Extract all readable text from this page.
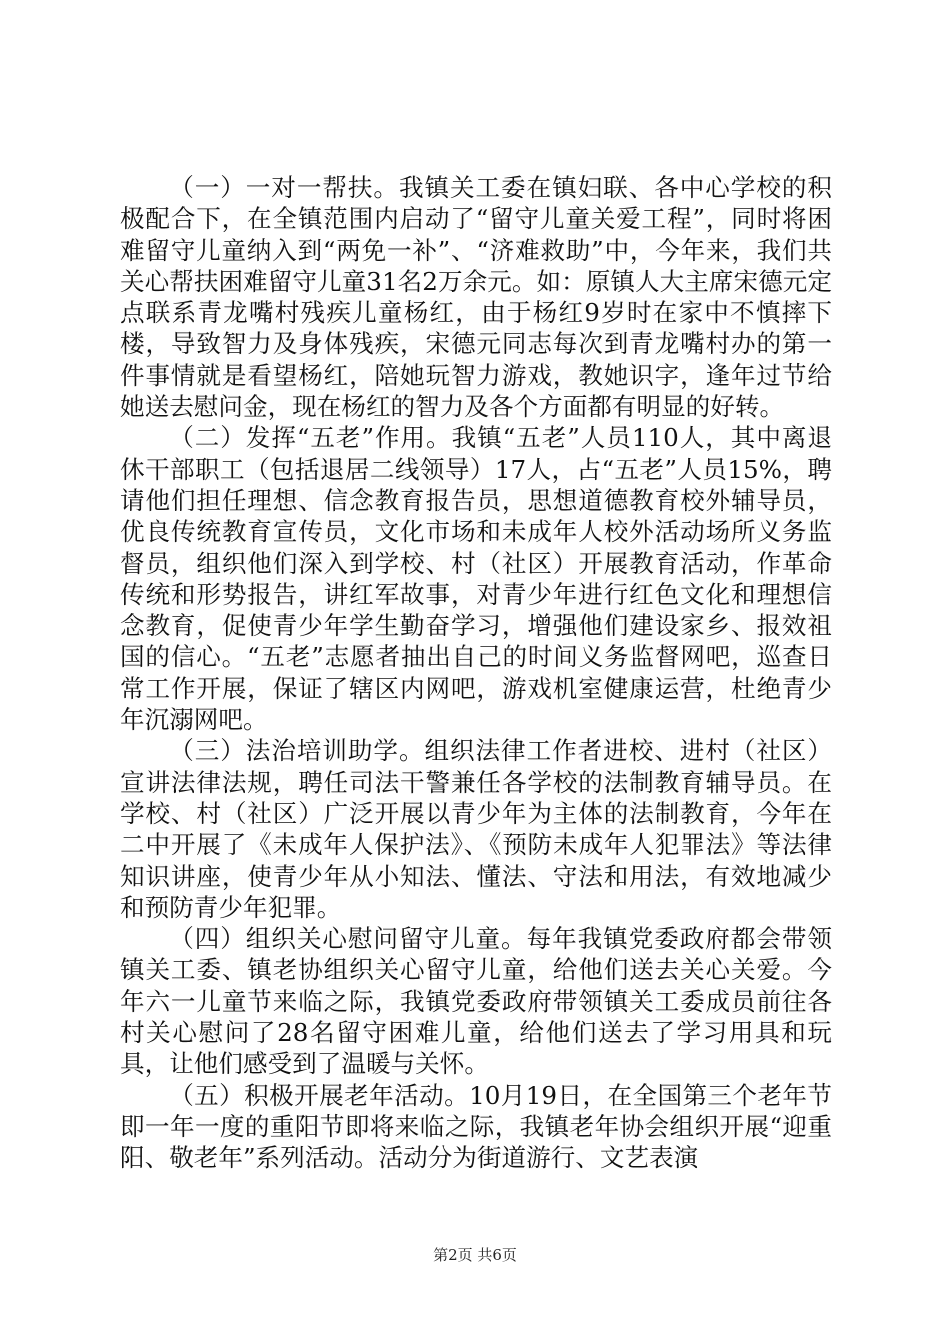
（一）一对一帮扶。我镇关工委在镇妇联、各中心学校的积极配合下，在全镇范围内启动了“留守儿童关爱工程”，同时将困难留守儿童纳入到“两免一补”、“济难救助”中，今年来，我们共关心帮扶困难留守儿童31名2万余元。如：原镇人大主席宋德元定点联系青龙嘴村残疾儿童杨红，由于杨红9岁时在家中不慎摔下楼，导致智力及身体残疾，宋德元同志每次到青龙嘴村办的第一件事情就是看望杨红，陪她玩智力游戏，教她识字，逢年过节给她送去慰问金，现在杨红的智力及各个方面都有明显的好转。

（二）发挥“五老”作用。我镇“五老”人员110人，其中离退休干部职工（包括退居二线领导）17人，占“五老”人员15%，聘请他们担任理想、信念教育报告员，思想道德教育校外辅导员，优良传统教育宣传员，文化市场和未成年人校外活动场所义务监督员，组织他们深入到学校、村（社区）开展教育活动，作革命传统和形势报告，讲红军故事，对青少年进行红色文化和理想信念教育，促使青少年学生勤奋学习，增强他们建设家乡、报效祖国的信心。“五老”志愿者抽出自己的时间义务监督网吧，巡查日常工作开展，保证了辖区内网吧，游戏机室健康运营，杜绝青少年沉溺网吧。

（三）法治培训助学。组织法律工作者进校、进村（社区）宣讲法律法规，聘任司法干警兼任各学校的法制教育辅导员。在学校、村（社区）广泛开展以青少年为主体的法制教育，今年在二中开展了《未成年人保护法》、《预防未成年人犯罪法》等法律知识讲座，使青少年从小知法、懂法、守法和用法，有效地减少和预防青少年犯罪。

（四）组织关心慰问留守儿童。每年我镇党委政府都会带领镇关工委、镇老协组织关心留守儿童，给他们送去关心关爱。今年六一儿童节来临之际，我镇党委政府带领镇关工委成员前往各村关心慰问了28名留守困难儿童，给他们送去了学习用具和玩具，让他们感受到了温暖与关怀。

（五）积极开展老年活动。10月19日，在全国第三个老年节即一年一度的重阳节即将来临之际，我镇老年协会组织开展“迎重阳、敬老年”系列活动。活动分为街道游行、文艺表演

第2页 共6页
